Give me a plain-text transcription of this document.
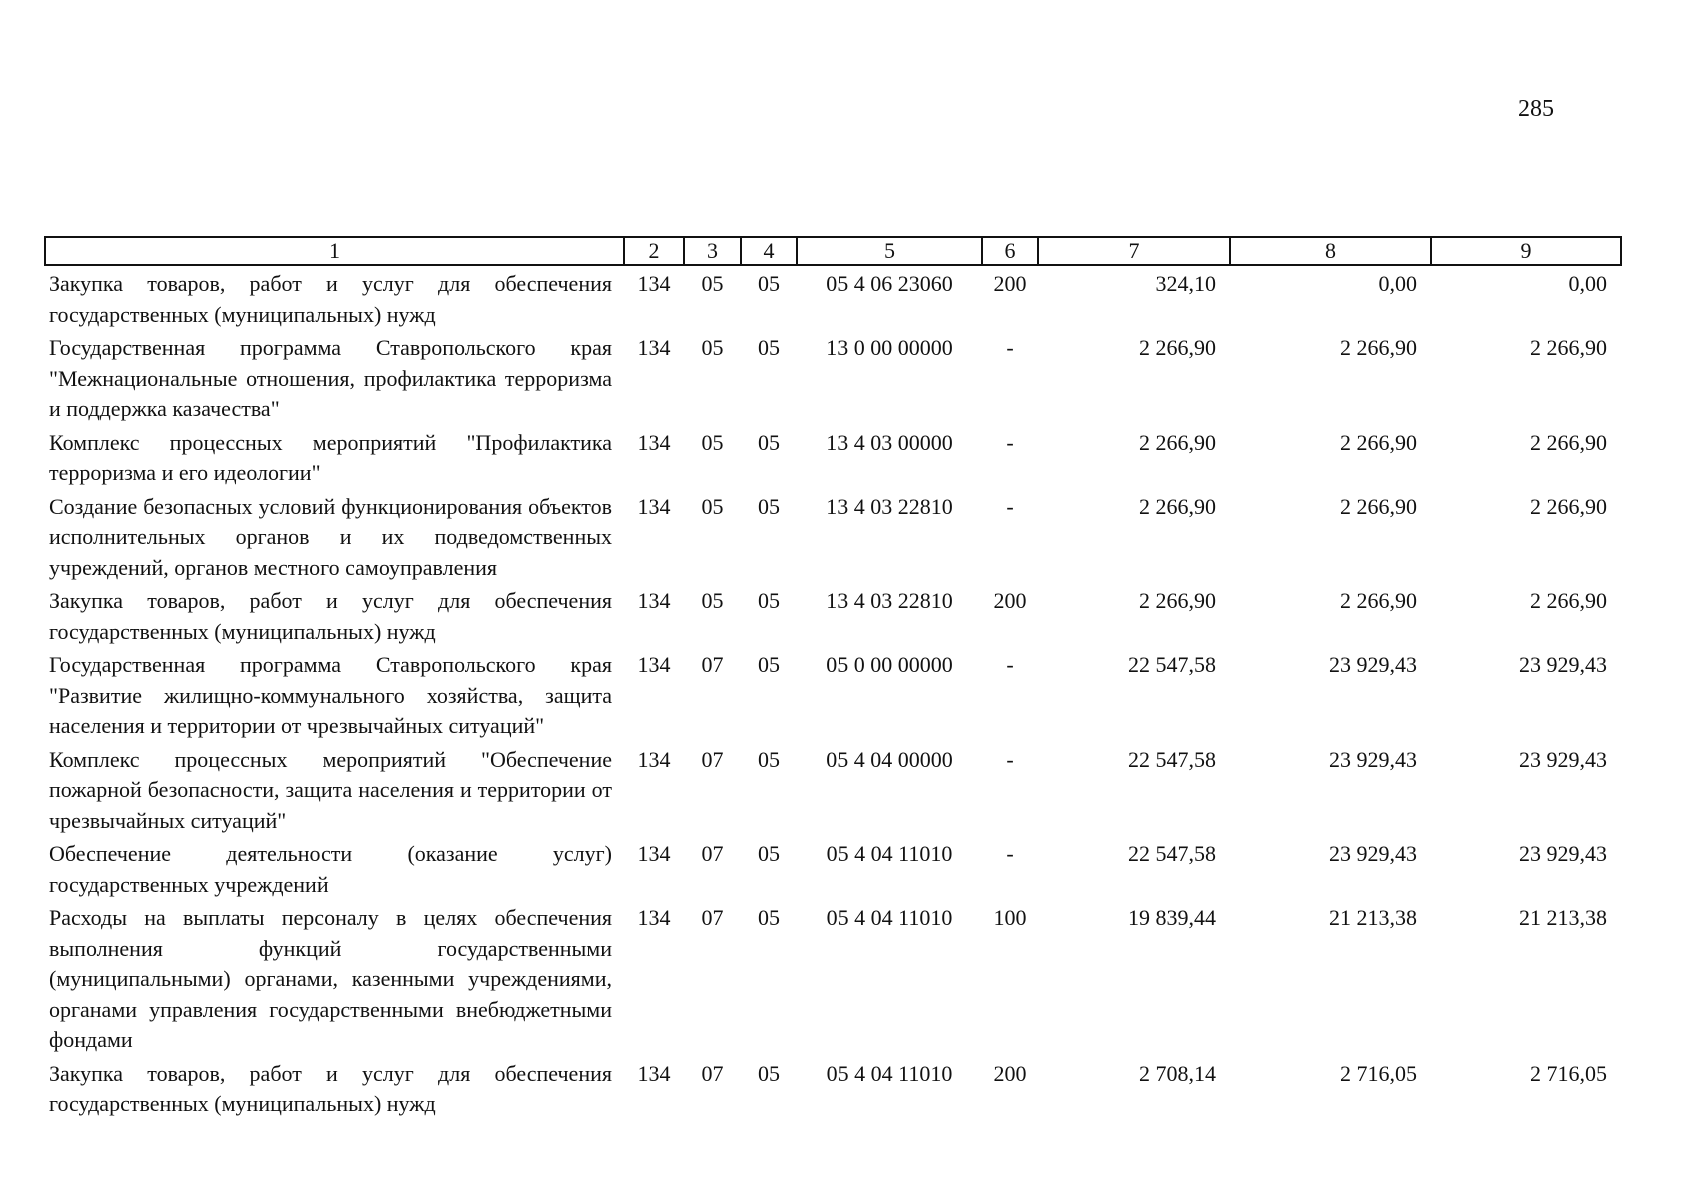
285
1	2	3	4	5	6	7	8	9
Закупка товаров, работ и услуг для обеспечения государственных (муниципальных) нужд	134	05	05	05 4 06 23060	200	324,10	0,00	0,00
Государственная программа Ставропольского края "Межнациональные отношения, профилактика терроризма и поддержка казачества"	134	05	05	13 0 00 00000	-	2 266,90	2 266,90	2 266,90
Комплекс процессных мероприятий "Профилактика терроризма и его идеологии"	134	05	05	13 4 03 00000	-	2 266,90	2 266,90	2 266,90
Создание безопасных условий функционирования объектов исполнительных органов и их подведомственных учреждений, органов местного самоуправления	134	05	05	13 4 03 22810	-	2 266,90	2 266,90	2 266,90
Закупка товаров, работ и услуг для обеспечения государственных (муниципальных) нужд	134	05	05	13 4 03 22810	200	2 266,90	2 266,90	2 266,90
Государственная программа Ставропольского края "Развитие жилищно-коммунального хозяйства, защита населения и территории от чрезвычайных ситуаций"	134	07	05	05 0 00 00000	-	22 547,58	23 929,43	23 929,43
Комплекс процессных мероприятий "Обеспечение пожарной безопасности, защита населения и территории от чрезвычайных ситуаций"	134	07	05	05 4 04 00000	-	22 547,58	23 929,43	23 929,43
Обеспечение деятельности (оказание услуг) государственных учреждений	134	07	05	05 4 04 11010	-	22 547,58	23 929,43	23 929,43
Расходы на выплаты персоналу в целях обеспечения выполнения функций государственными (муниципальными) органами, казенными учреждениями, органами управления государственными внебюджетными фондами	134	07	05	05 4 04 11010	100	19 839,44	21 213,38	21 213,38
Закупка товаров, работ и услуг для обеспечения государственных (муниципальных) нужд	134	07	05	05 4 04 11010	200	2 708,14	2 716,05	2 716,05
